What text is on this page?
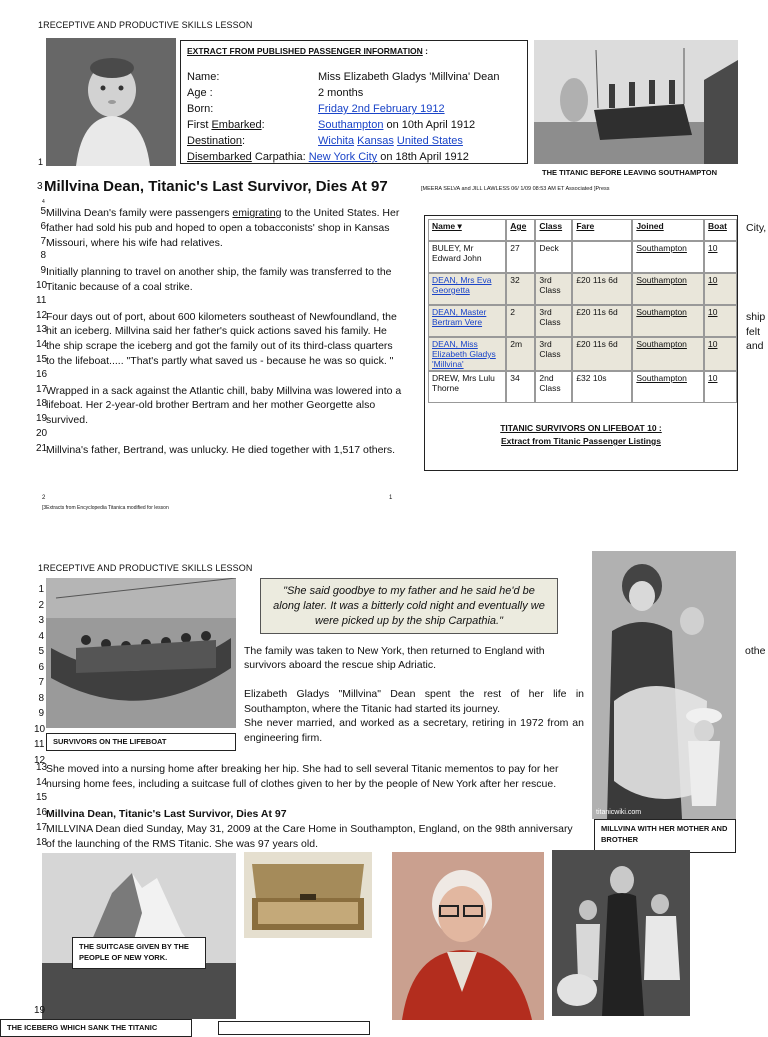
1RECEPTIVE AND PRODUCTIVE SKILLS LESSON
EXTRACT FROM PUBLISHED PASSENGER INFORMATION :
Name:	Miss Elizabeth Gladys 'Millvina' Dean
Age :	2 months
Born:	Friday 2nd February 1912
First Embarked:	Southampton on 10th April 1912
Destination:	Wichita Kansas United States
Disembarked Carpathia: New York City on 18th April 1912
THE TITANIC BEFORE LEAVING SOUTHAMPTON
1
4
3 Millvina Dean, Titanic's Last Survivor, Dies At 97	[MEERA SELVA and JILL LAWLESS 06/ 1/09 08:53 AM ET Associated ]Press
5 Millvina Dean's family were passengers emigrating to the United States. Her
6 father had sold his pub and hoped to open a tobacconists' shop in Kansas
7 Missouri, where his wife had relatives.
8
9 Initially planning to travel on another ship, the family was transferred to the
10
Titanic because of a coal strike.
11
12
Four days out of port, about 600 kilometers southeast of Newfoundland, the
13
hit an iceberg. Millvina said her father's quick actions saved his family. He
14
the ship scrape the iceberg and got the family out of its third-class quarters
15
to the lifeboat..... "That's partly what saved us - because he was so quick. "
16
17
Wrapped in a sack against the Atlantic chill, baby Millvina was lowered into a
18
lifeboat. Her 2-year-old brother Bertram and her mother Georgette also
19
survived.
20
21
Millvina's father, Bertrand, was unlucky. He died together with 1,517 others.
City,
ship
felt
and
Name ▾	Age	Class	Fare	Joined	Boat
BULEY, Mr Edward John	27	Deck		Southampton	10
DEAN, Mrs Eva Georgetta	32	3rd Class	£20 11s 6d	Southampton	10
DEAN, Master Bertram Vere	2	3rd Class	£20 11s 6d	Southampton	10
DEAN, Miss Elizabeth Gladys 'Millvina'	2m	3rd Class	£20 11s 6d	Southampton	10
DREW, Mrs Lulu Thorne	34	2nd Class	£32 10s	Southampton	10
TITANIC SURVIVORS ON LIFEBOAT 10 :
Extract from Titanic Passenger Listings
2	1
[3Extracts from Encyclopedia Titanica modified for lesson
1RECEPTIVE AND PRODUCTIVE SKILLS LESSON
1
2
3
4
5
6
7
8
9
10
11
12
SURVIVORS ON THE LIFEBOAT
"She said goodbye to my father and he said he'd be along later. It was a bitterly cold night and eventually we were picked up by the ship Carpathia."
The family was taken to New York, then returned to England with
survivors aboard the rescue ship Adriatic.
othe
Elizabeth Gladys "Millvina" Dean spent the rest of her life in Southampton, where the Titanic had started its journey.
She never married, and worked as a secretary, retiring in 1972 from an engineering firm.
titanicwiki.com
MILLVINA WITH HER MOTHER AND BROTHER
13
She moved into a nursing home after breaking her hip. She had to sell several Titanic mementos to pay for her
14
nursing home fees, including a suitcase full of clothes given to her by the people of New York after her rescue.
15
16
Millvina Dean, Titanic's Last Survivor, Dies At 97
17
MILLVINA Dean died Sunday, May 31, 2009 at the Care Home in Southampton, England, on the 98th anniversary
18
of the launching of the RMS Titanic. She was 97 years old.
THE SUITCASE GIVEN BY THE PEOPLE OF NEW YORK.
19
THE ICEBERG WHICH SANK THE TITANIC
